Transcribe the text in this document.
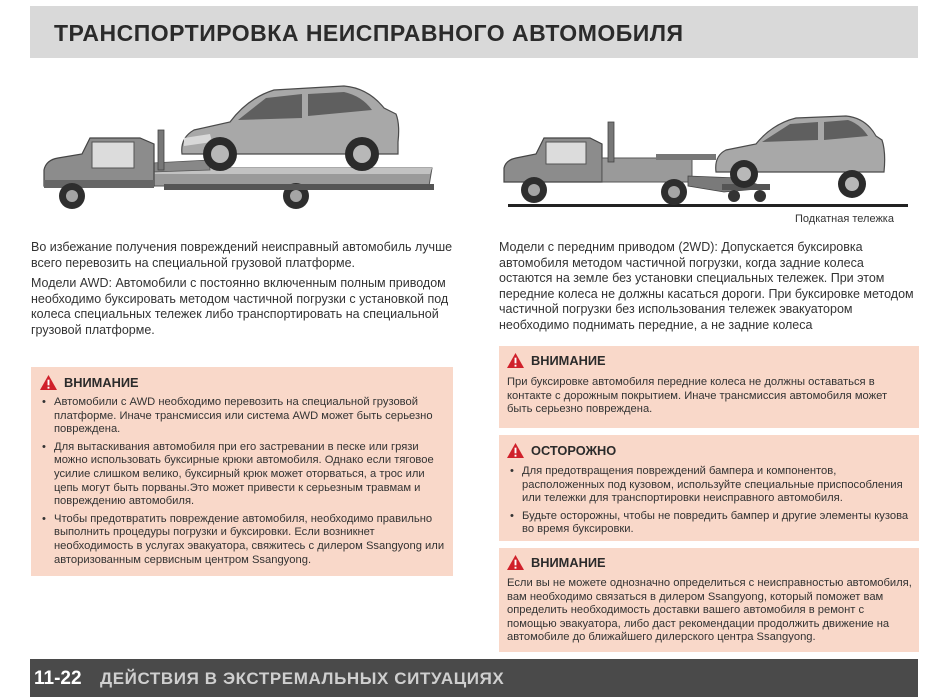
ТРАНСПОРТИРОВКА НЕИСПРАВНОГО АВТОМОБИЛЯ
Подкатная тележка

Во избежание получения повреждений неисправный автомобиль лучше всего перевозить на специальной грузовой платформе.

Модели AWD: Автомобили с постоянно включенным полным приводом необходимо буксировать методом частичной погрузки с установкой под колеса специальных тележек либо транспортировать на специальной грузовой платформе.

ВНИМАНИЕ
• Автомобили с AWD необходимо перевозить на специальной грузовой платформе. Иначе трансмиссия или система AWD может быть серьезно повреждена.
• Для вытаскивания автомобиля при его застревании в песке или грязи можно использовать буксирные крюки автомобиля. Однако если тяговое усилие слишком велико, буксирный крюк может оторваться, а трос или цепь могут быть порваны.Это может привести к серьезным травмам и повреждению автомобиля.
• Чтобы предотвратить повреждение автомобиля, необходимо правильно выполнить процедуры погрузки и буксировки. Если возникнет необходимость в услугах эвакуатора, свяжитесь с дилером Ssangyong или авторизованным сервисным центром Ssangyong.

Модели с передним приводом (2WD): Допускается буксировка автомобиля методом частичной погрузки, когда задние колеса остаются на земле без установки специальных тележек. При этом передние колеса не должны касаться дороги. При буксировке методом частичной погрузки без использования тележек эвакуатором необходимо поднимать передние, а не задние колеса

ВНИМАНИЕ

При буксировке автомобиля передние колеса не должны оставаться в контакте с дорожным покрытием. Иначе трансмиссия автомобиля может быть серьезно повреждена.

ОСТОРОЖНО
• Для предотвращения повреждений бампера и компонентов, расположенных под кузовом, используйте специальные приспособления или тележки для транспортировки неисправного автомобиля.
• Будьте осторожны, чтобы не повредить бампер и другие элементы кузова во время буксировки.
ВНИМАНИЕ

Если вы не можете однозначно определиться с неисправностью автомобиля, вам необходимо связаться в дилером Ssangyong, который поможет вам определить необходимость доставки вашего автомобиля в ремонт с помощью эвакуатора, либо даст рекомендации продолжить движение на автомобиле до ближайшего дилерского центра Ssangyong.

11-22 ДЕЙСТВИЯ В ЭКСТРЕМАЛЬНЫХ СИТУАЦИЯХ
